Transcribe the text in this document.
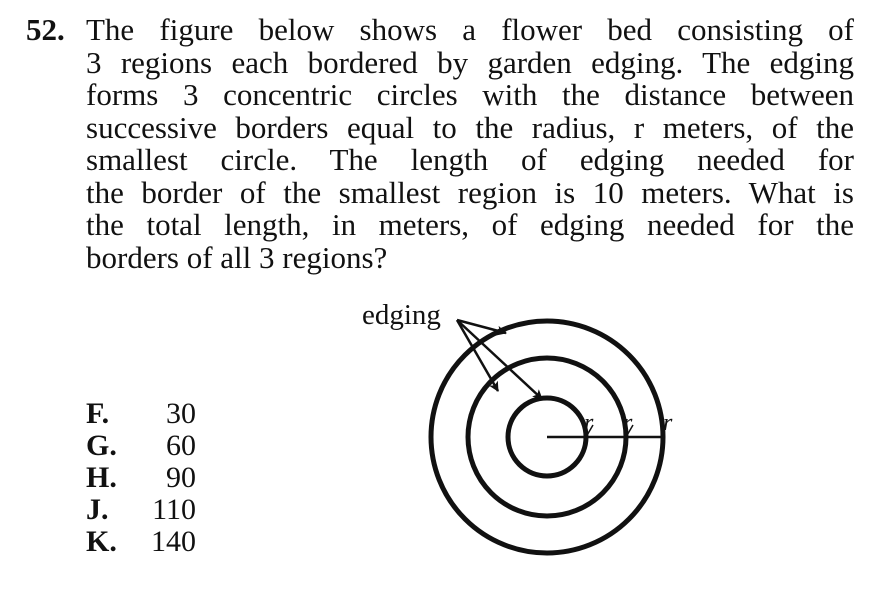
52. The figure below shows a flower bed consisting of
3 regions each bordered by garden edging. The edging
forms 3 concentric circles with the distance between
successive borders equal to the radius, r meters, of the
smallest circle. The length of edging needed for
the border of the smallest region is 10 meters. What is
the total length, in meters, of edging needed for the
borders of all 3 regions?

F.	30
G.	60
H.	90
J.	110
K.	140
r r r
edging
